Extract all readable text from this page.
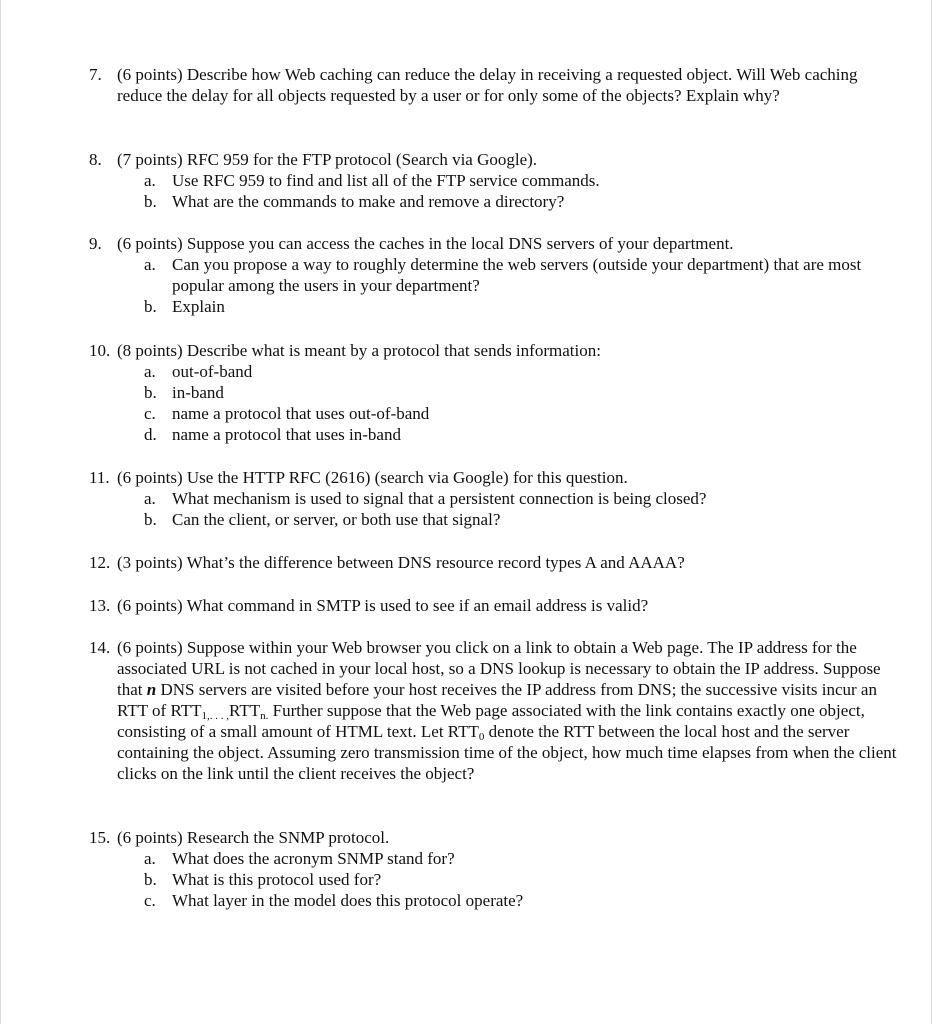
7. (6 points) Describe how Web caching can reduce the delay in receiving a requested object. Will Web caching reduce the delay for all objects requested by a user or for only some of the objects? Explain why?
8. (7 points) RFC 959 for the FTP protocol (Search via Google).
a. Use RFC 959 to find and list all of the FTP service commands.
b. What are the commands to make and remove a directory?
9. (6 points) Suppose you can access the caches in the local DNS servers of your department.
a. Can you propose a way to roughly determine the web servers (outside your department) that are most popular among the users in your department?
b. Explain
10. (8 points) Describe what is meant by a protocol that sends information:
a. out-of-band
b. in-band
c. name a protocol that uses out-of-band
d. name a protocol that uses in-band
11. (6 points) Use the HTTP RFC (2616) (search via Google) for this question.
a. What mechanism is used to signal that a persistent connection is being closed?
b. Can the client, or server, or both use that signal?
12. (3 points) What’s the difference between DNS resource record types A and AAAA?
13. (6 points) What command in SMTP is used to see if an email address is valid?
14. (6 points) Suppose within your Web browser you click on a link to obtain a Web page. The IP address for the associated URL is not cached in your local host, so a DNS lookup is necessary to obtain the IP address. Suppose that n DNS servers are visited before your host receives the IP address from DNS; the successive visits incur an RTT of $RTT_{1,. . . ,}RTT_{n.}$ Further suppose that the Web page associated with the link contains exactly one object, consisting of a small amount of HTML text. Let $RTT_0$ denote the RTT between the local host and the server containing the object. Assuming zero transmission time of the object, how much time elapses from when the client clicks on the link until the client receives the object?
15. (6 points) Research the SNMP protocol.
a. What does the acronym SNMP stand for?
b. What is this protocol used for?
c. What layer in the model does this protocol operate?
